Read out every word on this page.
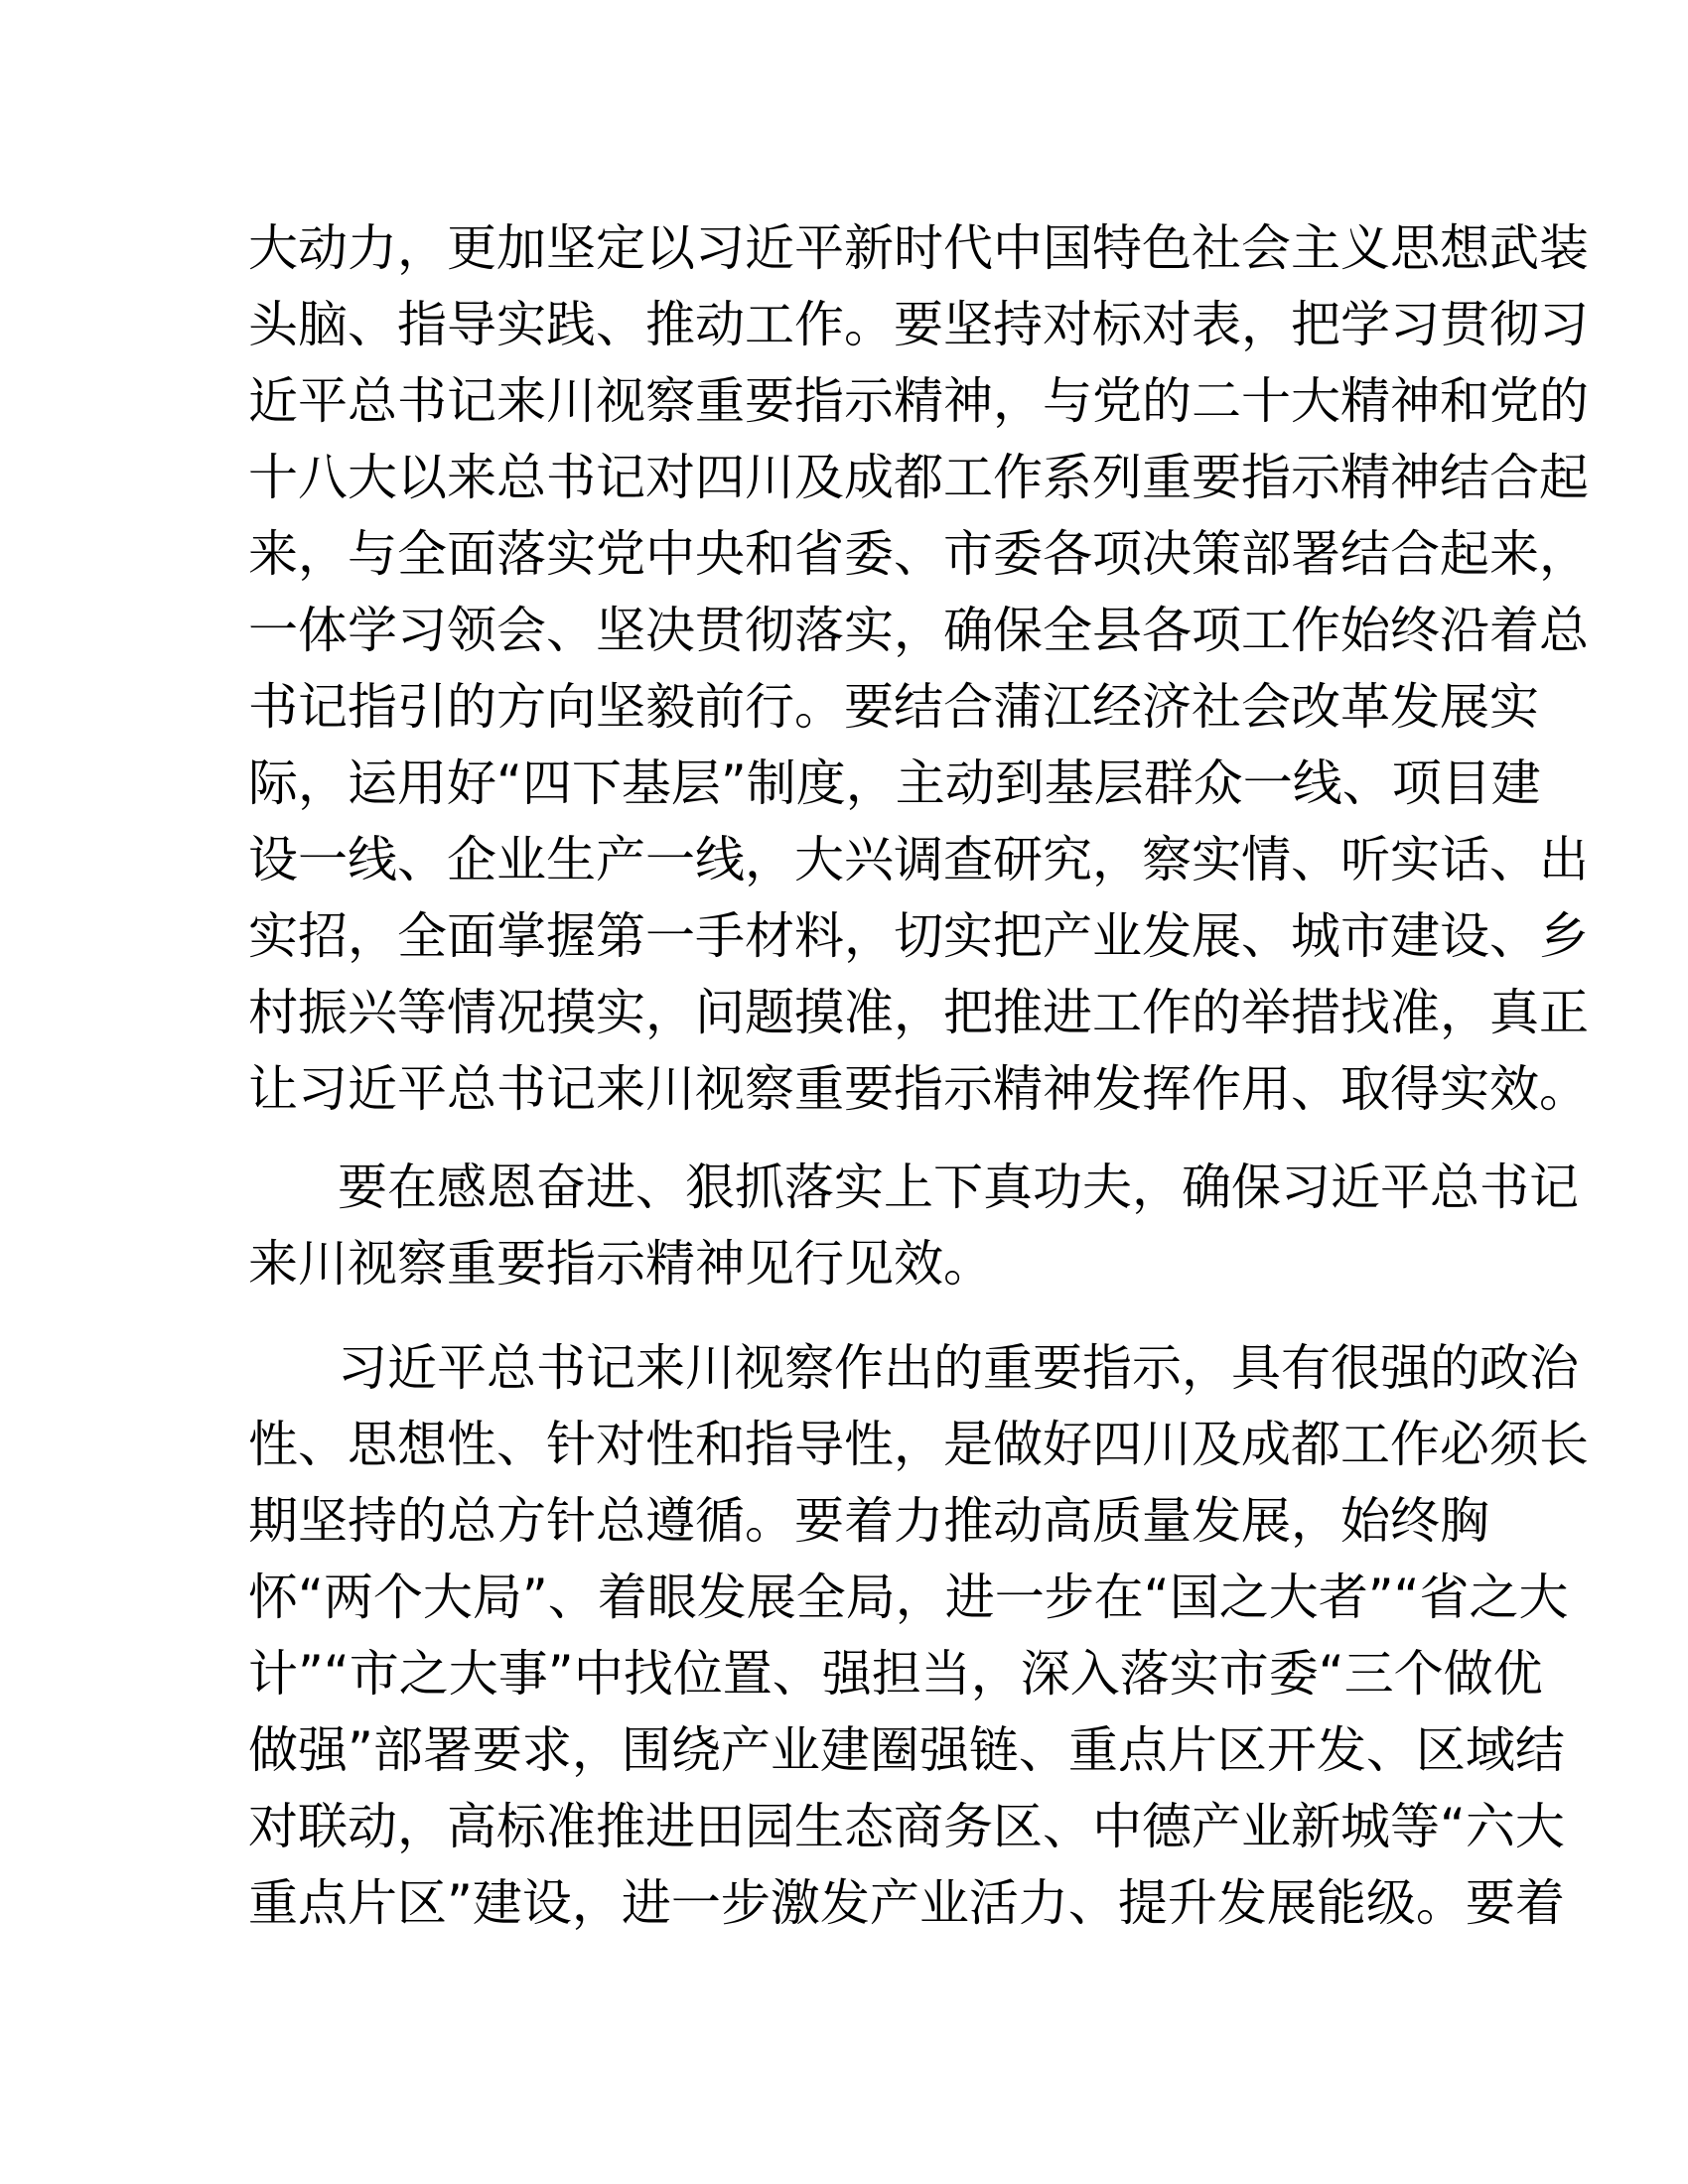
大动力，更加坚定以习近平新时代中国特色社会主义思想武装
头脑、指导实践、推动工作。要坚持对标对表，把学习贯彻习
近平总书记来川视察重要指示精神，与党的二十大精神和党的
十八大以来总书记对四川及成都工作系列重要指示精神结合起
来，与全面落实党中央和省委、市委各项决策部署结合起来，
一体学习领会、坚决贯彻落实，确保全县各项工作始终沿着总
书记指引的方向坚毅前行。要结合蒲江经济社会改革发展实
际，运用好“四下基层”制度，主动到基层群众一线、项目建
设一线、企业生产一线，大兴调查研究，察实情、听实话、出
实招，全面掌握第一手材料，切实把产业发展、城市建设、乡
村振兴等情况摸实，问题摸准，把推进工作的举措找准，真正
让习近平总书记来川视察重要指示精神发挥作用、取得实效。
要在感恩奋进、狠抓落实上下真功夫，确保习近平总书记
来川视察重要指示精神见行见效。
习近平总书记来川视察作出的重要指示，具有很强的政治
性、思想性、针对性和指导性，是做好四川及成都工作必须长
期坚持的总方针总遵循。要着力推动高质量发展，始终胸
怀“两个大局”、着眼发展全局，进一步在“国之大者”“省之大
计”“市之大事”中找位置、强担当，深入落实市委“三个做优
做强”部署要求，围绕产业建圈强链、重点片区开发、区域结
对联动，高标准推进田园生态商务区、中德产业新城等“六大
重点片区”建设，进一步激发产业活力、提升发展能级。要着
